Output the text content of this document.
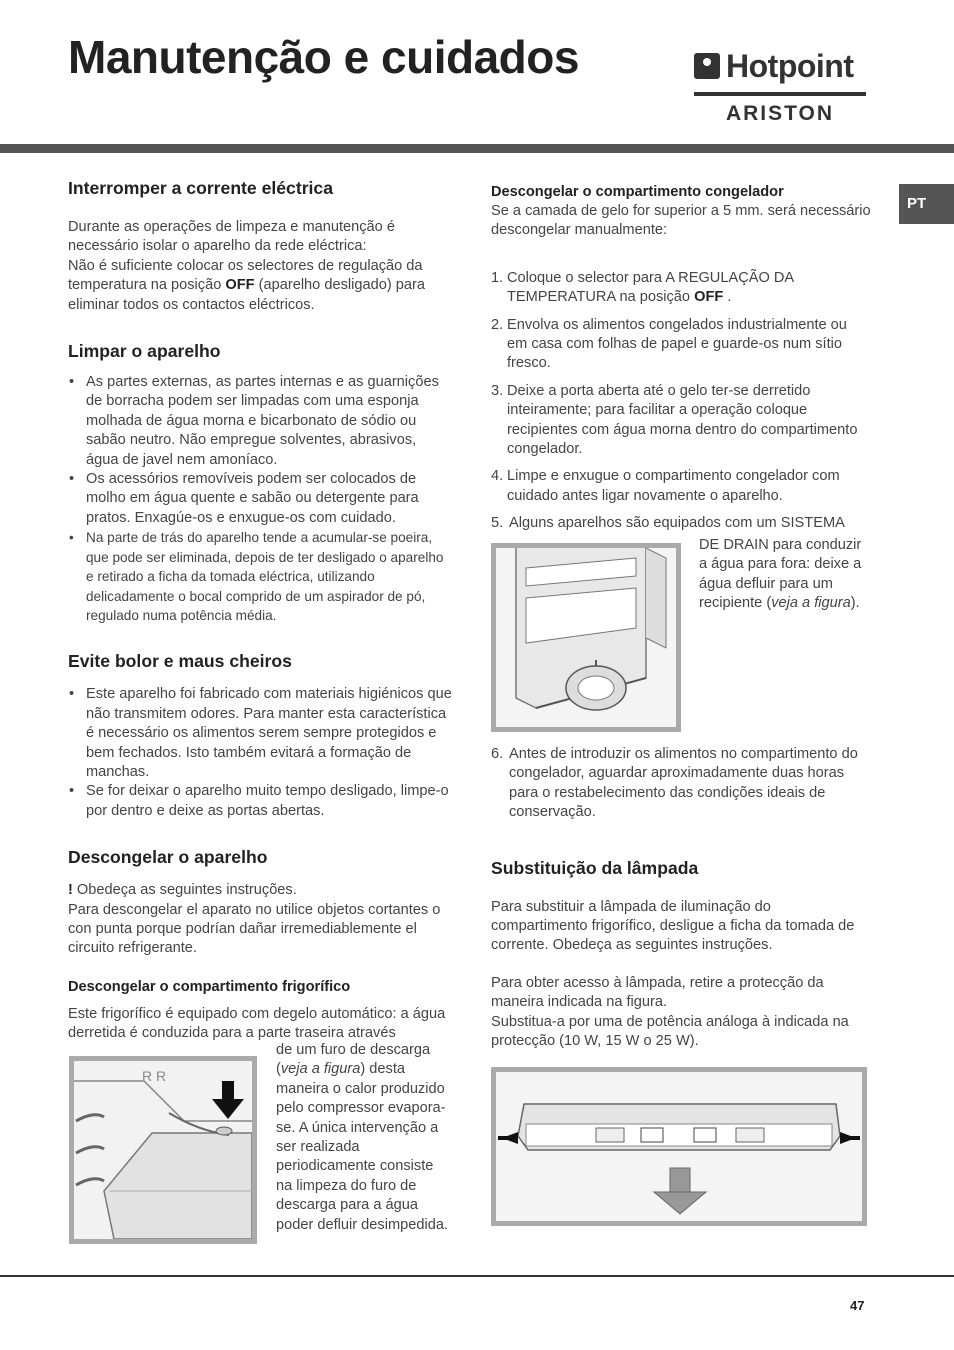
Manutenção e cuidados	Hotpoint
ARISTON
PT
Interromper a corrente eléctrica

Durante as operações de limpeza e manutenção é necessário isolar o aparelho da rede eléctrica:

Não é suficiente colocar os selectores de regulação da temperatura na posição OFF (aparelho desligado) para eliminar todos os contactos eléctricos.

Limpar o aparelho
• As partes externas, as partes internas e as guarnições de borracha podem ser limpadas com uma esponja molhada de água morna e bicarbonato de sódio ou sabão neutro. Não empregue solventes, abrasivos, água de javel nem amoníaco.
• Os acessórios removíveis podem ser colocados de molho em água quente e sabão ou detergente para pratos. Enxagúe-os e enxugue-os com cuidado.
• Na parte de trás do aparelho tende a acumular-se poeira, que pode ser eliminada, depois de ter desligado o aparelho e retirado a ficha da tomada eléctrica, utilizando delicadamente o bocal comprido de um aspirador de pó, regulado numa potência média.
Evite bolor e maus cheiros
• Este aparelho foi fabricado com materiais higiénicos que não transmitem odores. Para manter esta característica é necessário os alimentos serem sempre protegidos e bem fechados. Isto também evitará a formação de manchas.
• Se for deixar o aparelho muito tempo desligado, limpe-o por dentro e deixe as portas abertas.
Descongelar o aparelho

! Obedeça as seguintes instruções.

Para descongelar el aparato no utilice objetos cortantes o con punta porque podrían dañar irremediablemente el circuito refrigerante.

Descongelar o compartimento frigorífico

Este frigorífico é equipado com degelo automático: a água derretida é conduzida para a parte traseira através

de um furo de descarga (veja a figura) desta maneira o calor produzido pelo compressor evapora-se. A única intervenção a ser realizada periodicamente consiste na limpeza do furo de descarga para a água poder defluir desimpedida.
R R
Descongelar o compartimento congelador

Se a camada de gelo for superior a 5 mm. será necessário descongelar manualmente:

1. Coloque o selector para A REGULAÇÃO DA TEMPERATURA na posição OFF .
2. Envolva os alimentos congelados industrialmente ou em casa com folhas de papel e guarde-os num sítio fresco.
3. Deixe a porta aberta até o gelo ter-se derretido inteiramente; para facilitar a operação coloque recipientes com água morna dentro do compartimento congelador.
4. Limpe e enxugue o compartimento congelador com cuidado antes ligar novamente o aparelho.
5. Alguns aparelhos são equipados com um SISTEMA
DE DRAIN para conduzir a água para fora: deixe a água defluir para um recipiente (veja a figura).
6. Antes de introduzir os alimentos no compartimento do congelador, aguardar aproximadamente duas horas para o restabelecimento das condições ideais de conservação.
Substituição da lâmpada

Para substituir a lâmpada de iluminação do compartimento frigorífico, desligue a ficha da tomada de corrente. Obedeça as seguintes instruções.

Para obter acesso à lâmpada, retire a protecção da maneira indicada na figura.

Substitua-a por uma de potência análoga à indicada na protecção (10 W, 15 W o 25 W).

47
